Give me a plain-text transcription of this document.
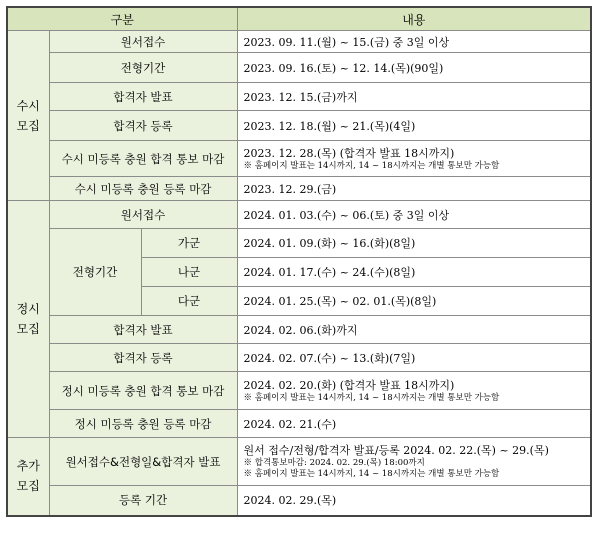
구분			내용
수시
모집	원서접수		2023. 09. 11.(월) ~ 15.(금) 중 3일 이상
	전형기간		2023. 09. 16.(토) ~ 12. 14.(목)(90일)
	합격자 발표		2023. 12. 15.(금)까지
	합격자 등록		2023. 12. 18.(월) ~ 21.(목)(4일)
	수시 미등록 충원 합격 통보 마감		2023. 12. 28.(목) (합격자 발표 18시까지)
※ 홈페이지 발표는 14시까지, 14 ~ 18시까지는 개별 통보만 가능함

	수시 미등록 충원 등록 마감		2023. 12. 29.(금)
정시
모집	원서접수		2024. 01. 03.(수) ~ 06.(토) 중 3일 이상
	전형기간	가군	2024. 01. 09.(화) ~ 16.(화)(8일)
		나군	2024. 01. 17.(수) ~ 24.(수)(8일)
		다군	2024. 01. 25.(목) ~ 02. 01.(목)(8일)
	합격자 발표		2024. 02. 06.(화)까지
	합격자 등록		2024. 02. 07.(수) ~ 13.(화)(7일)
	정시 미등록 충원 합격 통보 마감		2024. 02. 20.(화) (합격자 발표 18시까지)
※ 홈페이지 발표는 14시까지, 14 ~ 18시까지는 개별 통보만 가능함

	정시 미등록 충원 등록 마감		2024. 02. 21.(수)
추가
모집	원서접수&전형일&합격자 발표		원서 접수/전형/합격자 발표/등록 2024. 02. 22.(목) ~ 29.(목)
※ 합격통보마감: 2024. 02. 29.(목) 18:00까지
※ 홈페이지 발표는 14시까지, 14 ~ 18시까지는 개별 통보만 가능함

	등록 기간		2024. 02. 29.(목)
